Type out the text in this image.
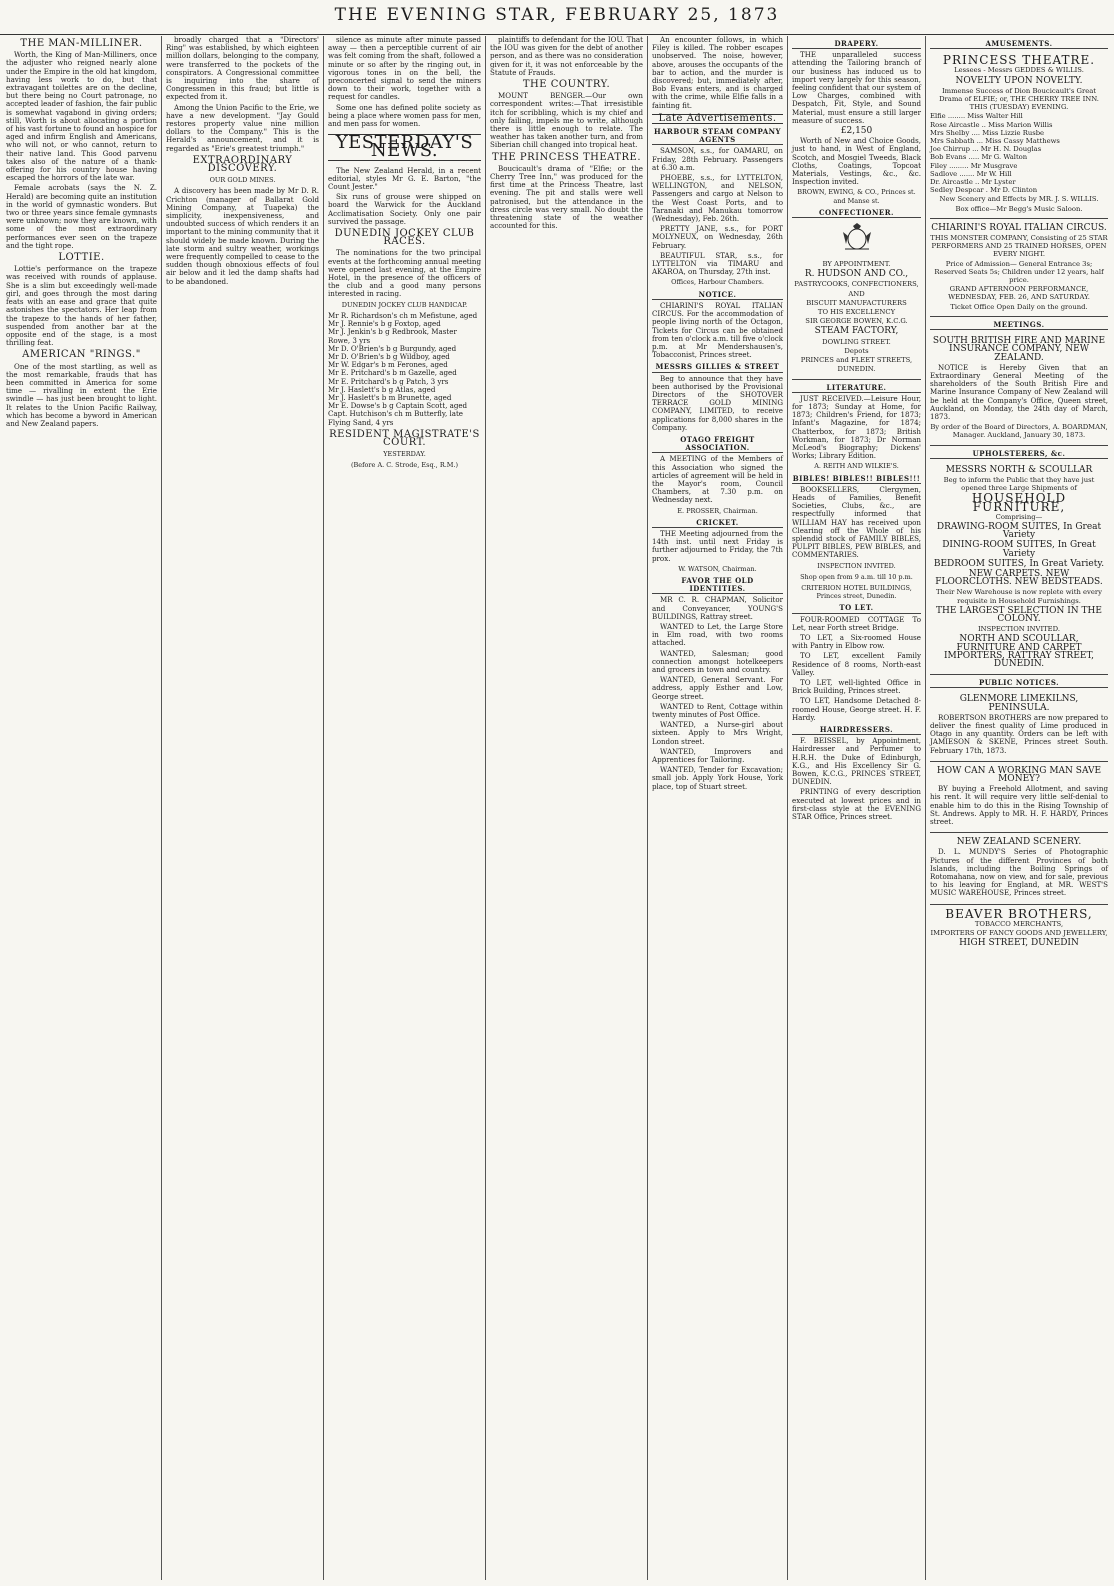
THE EVENING STAR, FEBRUARY 25, 1873
THE MAN-MILLINER.

Worth, the King of Man-Milliners, once the adjuster who reigned nearly alone under the Empire in the old hat kingdom, having less work to do, but that extravagant toilettes are on the decline, but there being no Court patronage, no accepted leader of fashion, the fair public is somewhat vagabond in giving orders; still, Worth is about allocating a portion of his vast fortune to found an hospice for aged and infirm English and Americans, who will not, or who cannot, return to their native land. This Good parvenu takes also of the nature of a thank-offering for his country house having escaped the horrors of the late war.

Female acrobats (says the N. Z. Herald) are becoming quite an institution in the world of gymnastic wonders. But two or three years since female gymnasts were unknown; now they are known, with some of the most extraordinary performances ever seen on the trapeze and the tight rope.

LOTTIE.

Lottie's performance on the trapeze was received with rounds of applause. She is a slim but exceedingly well-made girl, and goes through the most daring feats with an ease and grace that quite astonishes the spectators. Her leap from the trapeze to the hands of her father, suspended from another bar at the opposite end of the stage, is a most thrilling feat.

AMERICAN "RINGS."

One of the most startling, as well as the most remarkable, frauds that has been committed in America for some time — rivalling in extent the Erie swindle — has just been brought to light. It relates to the Union Pacific Railway, which has become a byword in American and New Zealand papers.

broadly charged that a "Directors' Ring" was established, by which eighteen million dollars, belonging to the company, were transferred to the pockets of the conspirators. A Congressional committee is inquiring into the share of Congressmen in this fraud; but little is expected from it.

Among the Union Pacific to the Erie, we have a new development. "Jay Gould restores property value nine million dollars to the Company." This is the Herald's announcement, and it is regarded as "Erie's greatest triumph."

EXTRAORDINARY DISCOVERY.
OUR GOLD MINES.

A discovery has been made by Mr D. R. Crichton (manager of Ballarat Gold Mining Company, at Tuapeka) the simplicity, inexpensiveness, and undoubted success of which renders it an important to the mining community that it should widely be made known. During the late storm and sultry weather, workings were frequently compelled to cease to the sudden though obnoxious effects of foul air below and it led the damp shafts had to be abandoned.

silence as minute after minute passed away — then a perceptible current of air was felt coming from the shaft, followed a minute or so after by the ringing out, in vigorous tones in on the bell, the preconcerted signal to send the miners down to their work, together with a request for candles.

Some one has defined polite society as being a place where women pass for men, and men pass for women.

YESTERDAY'S NEWS.

The New Zealand Herald, in a recent editorial, styles Mr G. E. Barton, "the Count Jester."

Six runs of grouse were shipped on board the Warwick for the Auckland Acclimatisation Society. Only one pair survived the passage.

DUNEDIN JOCKEY CLUB RACES.

The nominations for the two principal events at the forthcoming annual meeting were opened last evening, at the Empire Hotel, in the presence of the officers of the club and a good many persons interested in racing.

DUNEDIN JOCKEY CLUB HANDICAP.
Mr R. Richardson's ch m Mefistune, aged
Mr J. Rennie's b g Foxtop, aged
Mr J. Jenkin's b g Redbrook, Master Rowe, 3 yrs
Mr D. O'Brien's b g Burgundy, aged
Mr D. O'Brien's b g Wildboy, aged
Mr W. Edgar's b m Ferones, aged
Mr E. Pritchard's b m Gazelle, aged
Mr E. Pritchard's b g Patch, 3 yrs
Mr J. Haslett's b g Atlas, aged
Mr J. Haslett's b m Brunette, aged
Mr E. Dowse's b g Captain Scott, aged
Capt. Hutchison's ch m Butterfly, late Flying Sand, 4 yrs
RESIDENT MAGISTRATE'S COURT.
YESTERDAY.
(Before A. C. Strode, Esq., R.M.)

plaintiffs to defendant for the IOU. That the IOU was given for the debt of another person, and as there was no consideration given for it, it was not enforceable by the Statute of Frauds.

THE COUNTRY.

MOUNT BENGER.—Our own correspondent writes:—That irresistible itch for scribbling, which is my chief and only failing, impels me to write, although there is little enough to relate. The weather has taken another turn, and from Siberian chill changed into tropical heat.

THE PRINCESS THEATRE.

Boucicault's drama of "Elfie; or the Cherry Tree Inn," was produced for the first time at the Princess Theatre, last evening. The pit and stalls were well patronised, but the attendance in the dress circle was very small. No doubt the threatening state of the weather accounted for this.

An encounter follows, in which Filey is killed. The robber escapes unobserved. The noise, however, above, arouses the occupants of the bar to action, and the murder is discovered; but, immediately after, Bob Evans enters, and is charged with the crime, while Elfie falls in a fainting fit.

Late Advertisements.
HARBOUR STEAM COMPANY AGENTS

SAMSON, s.s., for OAMARU, on Friday, 28th February. Passengers at 6.30 a.m.

PHOEBE, s.s., for LYTTELTON, WELLINGTON, and NELSON, Passengers and cargo at Nelson to the West Coast Ports, and to Taranaki and Manukau tomorrow (Wednesday), Feb. 26th.

PRETTY JANE, s.s., for PORT MOLYNEUX, on Wednesday, 26th February.

BEAUTIFUL STAR, s.s., for LYTTELTON via TIMARU and AKAROA, on Thursday, 27th inst.

Offices, Harbour Chambers.
NOTICE.

CHIARINI'S ROYAL ITALIAN CIRCUS. For the accommodation of people living north of the Octagon, Tickets for Circus can be obtained from ten o'clock a.m. till five o'clock p.m. at Mr Mendershausen's, Tobacconist, Princes street.

MESSRS GILLIES & STREET

Beg to announce that they have been authorised by the Provisional Directors of the SHOTOVER TERRACE GOLD MINING COMPANY, LIMITED, to receive applications for 8,000 shares in the Company.

OTAGO FREIGHT ASSOCIATION.

A MEETING of the Members of this Association who signed the articles of agreement will be held in the Mayor's room, Council Chambers, at 7.30 p.m. on Wednesday next.

E. PROSSER, Chairman.
CRICKET.

THE Meeting adjourned from the 14th inst. until next Friday is further adjourned to Friday, the 7th prox.

W. WATSON, Chairman.
FAVOR THE OLD IDENTITIES.

MR C. R. CHAPMAN, Solicitor and Conveyancer, YOUNG'S BUILDINGS, Rattray street.

WANTED to Let, the Large Store in Elm road, with two rooms attached.

WANTED, Salesman; good connection amongst hotelkeepers and grocers in town and country.

WANTED, General Servant. For address, apply Esther and Low, George street.

WANTED to Rent, Cottage within twenty minutes of Post Office.

WANTED, a Nurse-girl about sixteen. Apply to Mrs Wright, London street.

WANTED, Improvers and Apprentices for Tailoring.

WANTED, Tender for Excavation; small job. Apply York House, York place, top of Stuart street.

DRAPERY.

THE unparalleled success attending the Tailoring branch of our business has induced us to import very largely for this season, feeling confident that our system of Low Charges, combined with Despatch, Fit, Style, and Sound Material, must ensure a still larger measure of success.

£2,150

Worth of New and Choice Goods, just to hand, in West of England, Scotch, and Mosgiel Tweeds, Black Cloths, Coatings, Topcoat Materials, Vestings, &c., &c. Inspection invited.

BROWN, EWING, & CO., Princes st. and Manse st.
CONFECTIONER.
BY APPOINTMENT.
R. HUDSON AND CO.,
PASTRYCOOKS, CONFECTIONERS,
AND
BISCUIT MANUFACTURERS
TO HIS EXCELLENCY
SIR GEORGE BOWEN, K.C.G.
STEAM FACTORY,
DOWLING STREET.
Depots
PRINCES and FLEET STREETS,
DUNEDIN.
LITERATURE.

JUST RECEIVED.—Leisure Hour, for 1873; Sunday at Home, for 1873; Children's Friend, for 1873; Infant's Magazine, for 1874; Chatterbox, for 1873; British Workman, for 1873; Dr Norman McLeod's Biography; Dickens' Works; Library Edition.

A. REITH AND WILKIE'S.
BIBLES! BIBLES!! BIBLES!!!

BOOKSELLERS, Clergymen, Heads of Families, Benefit Societies, Clubs, &c., are respectfully informed that WILLIAM HAY has received upon Clearing off the Whole of his splendid stock of FAMILY BIBLES, PULPIT BIBLES, PEW BIBLES, and COMMENTARIES.

INSPECTION INVITED.
Shop open from 9 a.m. till 10 p.m.
CRITERION HOTEL BUILDINGS, Princes street, Dunedin.
TO LET.

FOUR-ROOMED COTTAGE To Let, near Forth street Bridge.

TO LET, a Six-roomed House with Pantry in Elbow row.

TO LET, excellent Family Residence of 8 rooms, North-east Valley.

TO LET, well-lighted Office in Brick Building, Princes street.

TO LET, Handsome Detached 8-roomed House, George street. H. F. Hardy.

HAIRDRESSERS.

F. BEISSEL, by Appointment, Hairdresser and Perfumer to H.R.H. the Duke of Edinburgh, K.G., and His Excellency Sir G. Bowen, K.C.G., PRINCES STREET, DUNEDIN.

PRINTING of every description executed at lowest prices and in first-class style at the EVENING STAR Office, Princes street.

AMUSEMENTS.
PRINCESS THEATRE.
Lessees - Messrs GEDDES & WILLIS.
NOVELTY UPON NOVELTY.
Immense Success of Dion Boucicault's Great Drama of ELFIE; or, THE CHERRY TREE INN. THIS (TUESDAY) EVENING.
Elfie ........ Miss Walter Hill
Rose Aircastle .. Miss Marion Willis
Mrs Shelby .... Miss Lizzie Rusbe
Mrs Sabbath ... Miss Cassy Matthews
Joe Chirrup ... Mr H. N. Douglas
Bob Evans ..... Mr G. Walton
Filey ......... Mr Musgrave
Sadlove ....... Mr W. Hill
Dr. Aircastle .. Mr Lyster
Sedley Despcar . Mr D. Clinton
New Scenery and Effects by MR. J. S. WILLIS.
Box office—Mr Begg's Music Saloon.
CHIARINI'S ROYAL ITALIAN CIRCUS.
THIS MONSTER COMPANY, Consisting of 25 STAR PERFORMERS AND 25 TRAINED HORSES, OPEN EVERY NIGHT.
Price of Admission— General Entrance 3s; Reserved Seats 5s; Children under 12 years, half price.
GRAND AFTERNOON PERFORMANCE, WEDNESDAY, FEB. 26, AND SATURDAY.
Ticket Office Open Daily on the ground.
MEETINGS.
SOUTH BRITISH FIRE AND MARINE INSURANCE COMPANY, NEW ZEALAND.

NOTICE is Hereby Given that an Extraordinary General Meeting of the shareholders of the South British Fire and Marine Insurance Company of New Zealand will be held at the Company's Office, Queen street, Auckland, on Monday, the 24th day of March, 1873.

By order of the Board of Directors, A. BOARDMAN, Manager. Auckland, January 30, 1873.
UPHOLSTERERS, &c.
MESSRS NORTH & SCOULLAR
Beg to inform the Public that they have just opened three Large Shipments of
HOUSEHOLD FURNITURE,
Comprising—
DRAWING-ROOM SUITES, In Great Variety
DINING-ROOM SUITES, In Great Variety
BEDROOM SUITES, In Great Variety.
NEW CARPETS. NEW FLOORCLOTHS. NEW BEDSTEADS.
Their New Warehouse is now replete with every requisite in Household Furnishings.
THE LARGEST SELECTION IN THE COLONY.
INSPECTION INVITED.
NORTH AND SCOULLAR, FURNITURE AND CARPET IMPORTERS, RATTRAY STREET, DUNEDIN.
PUBLIC NOTICES.
GLENMORE LIMEKILNS, PENINSULA.

ROBERTSON BROTHERS are now prepared to deliver the finest quality of Lime produced in Otago in any quantity. Orders can be left with JAMIESON & SKENE, Princes street South. February 17th, 1873.

HOW CAN A WORKING MAN SAVE MONEY?

BY buying a Freehold Allotment, and saving his rent. It will require very little self-denial to enable him to do this in the Rising Township of St. Andrews. Apply to MR. H. F. HARDY, Princes street.

NEW ZEALAND SCENERY.

D. L. MUNDY'S Series of Photographic Pictures of the different Provinces of both Islands, including the Boiling Springs of Rotomahana, now on view, and for sale, previous to his leaving for England, at MR. WEST'S MUSIC WAREHOUSE, Princes street.

BEAVER BROTHERS,
TOBACCO MERCHANTS,
IMPORTERS OF FANCY GOODS AND JEWELLERY,
HIGH STREET, DUNEDIN
